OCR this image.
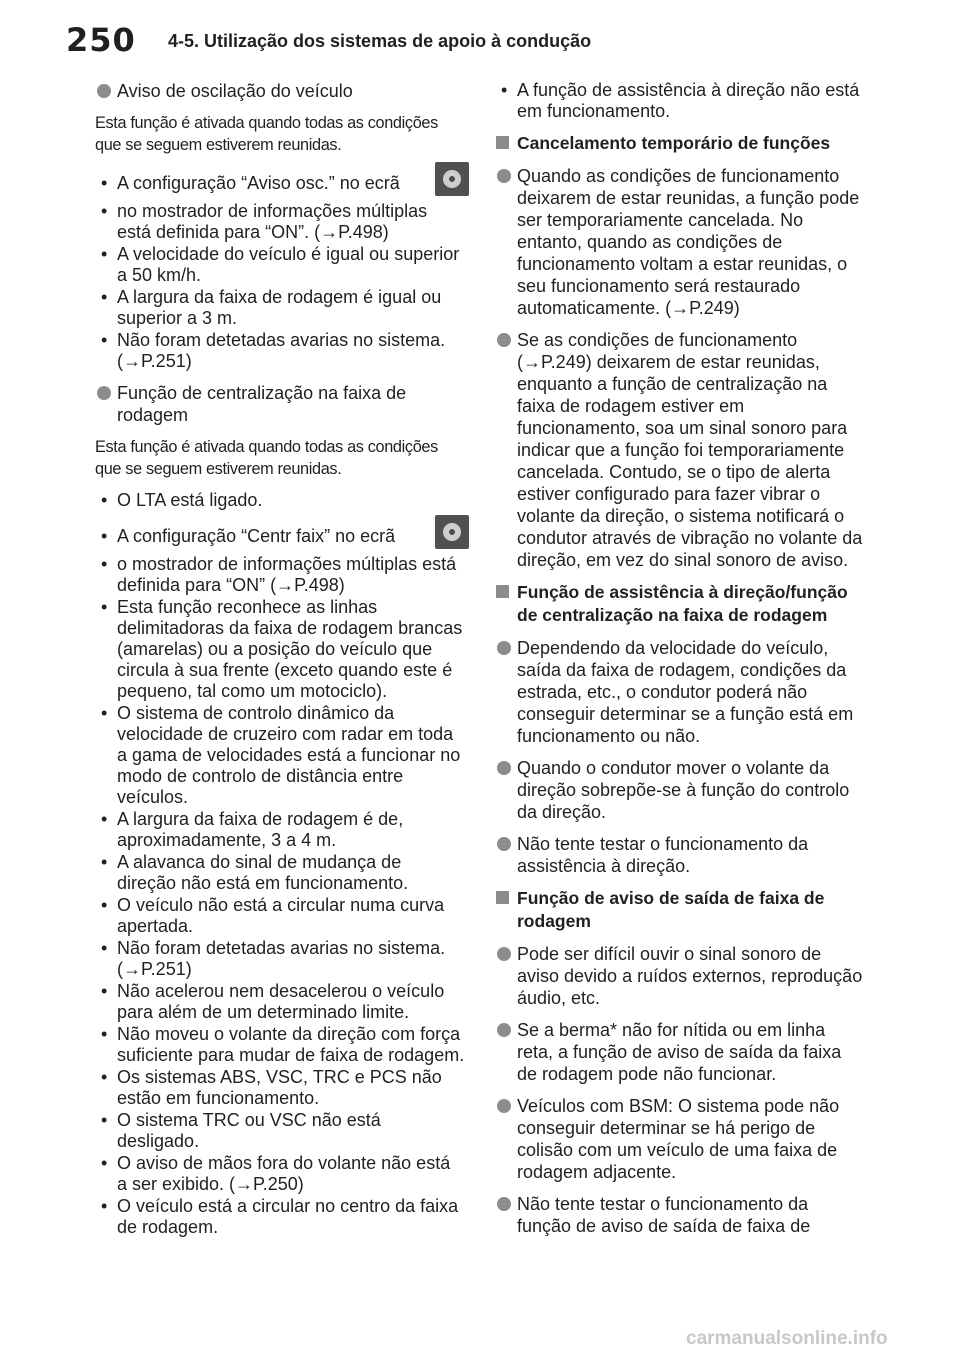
250 4-5. Utilização dos sistemas de apoio à condução
Aviso de oscilação do veículo
Esta função é ativada quando todas as condições que se seguem estiverem reunidas.
• A configuração “Aviso osc.” no ecrã
• no mostrador de informações múltiplas está definida para “ON”. (→P.498)
• A velocidade do veículo é igual ou superior a 50 km/h.
• A largura da faixa de rodagem é igual ou superior a 3 m.
• Não foram detetadas avarias no sistema. (→P.251)
Função de centralização na faixa de rodagem
Esta função é ativada quando todas as condições que se seguem estiverem reunidas.
• O LTA está ligado.
• A configuração “Centr faix” no ecrã
• o mostrador de informações múltiplas está definida para “ON” (→P.498)
• Esta função reconhece as linhas delimitadoras da faixa de rodagem brancas (amarelas) ou a posição do veículo que circula à sua frente (exceto quando este é pequeno, tal como um motociclo).
• O sistema de controlo dinâmico da velocidade de cruzeiro com radar em toda a gama de velocidades está a funcionar no modo de controlo de distância entre veículos.
• A largura da faixa de rodagem é de, aproximadamente, 3 a 4 m.
• A alavanca do sinal de mudança de direção não está em funcionamento.
• O veículo não está a circular numa curva apertada.
• Não foram detetadas avarias no sistema. (→P.251)
• Não acelerou nem desacelerou o veículo para além de um determinado limite.
• Não moveu o volante da direção com força suficiente para mudar de faixa de rodagem.
• Os sistemas ABS, VSC, TRC e PCS não estão em funcionamento.
• O sistema TRC ou VSC não está desligado.
• O aviso de mãos fora do volante não está a ser exibido. (→P.250)
• O veículo está a circular no centro da faixa de rodagem.
• A função de assistência à direção não está em funcionamento.
Cancelamento temporário de funções
Quando as condições de funcionamento deixarem de estar reunidas, a função pode ser temporariamente cancelada. No entanto, quando as condições de funcionamento voltam a estar reunidas, o seu funcionamento será restaurado automaticamente. (→P.249)
Se as condições de funcionamento (→P.249) deixarem de estar reunidas, enquanto a função de centralização na faixa de rodagem estiver em funcionamento, soa um sinal sonoro para indicar que a função foi temporariamente cancelada. Contudo, se o tipo de alerta estiver configurado para fazer vibrar o volante da direção, o sistema notificará o condutor através de vibração no volante da direção, em vez do sinal sonoro de aviso.
Função de assistência à direção/função de centralização na faixa de rodagem
Dependendo da velocidade do veículo, saída da faixa de rodagem, condições da estrada, etc., o condutor poderá não conseguir determinar se a função está em funcionamento ou não.
Quando o condutor mover o volante da direção sobrepõe-se à função do controlo da direção.
Não tente testar o funcionamento da assistência à direção.
Função de aviso de saída de faixa de rodagem
Pode ser difícil ouvir o sinal sonoro de aviso devido a ruídos externos, reprodução áudio, etc.
Se a berma* não for nítida ou em linha reta, a função de aviso de saída da faixa de rodagem pode não funcionar.
Veículos com BSM: O sistema pode não conseguir determinar se há perigo de colisão com um veículo de uma faixa de rodagem adjacente.
Não tente testar o funcionamento da função de aviso de saída de faixa de
carmanualsonline.info
